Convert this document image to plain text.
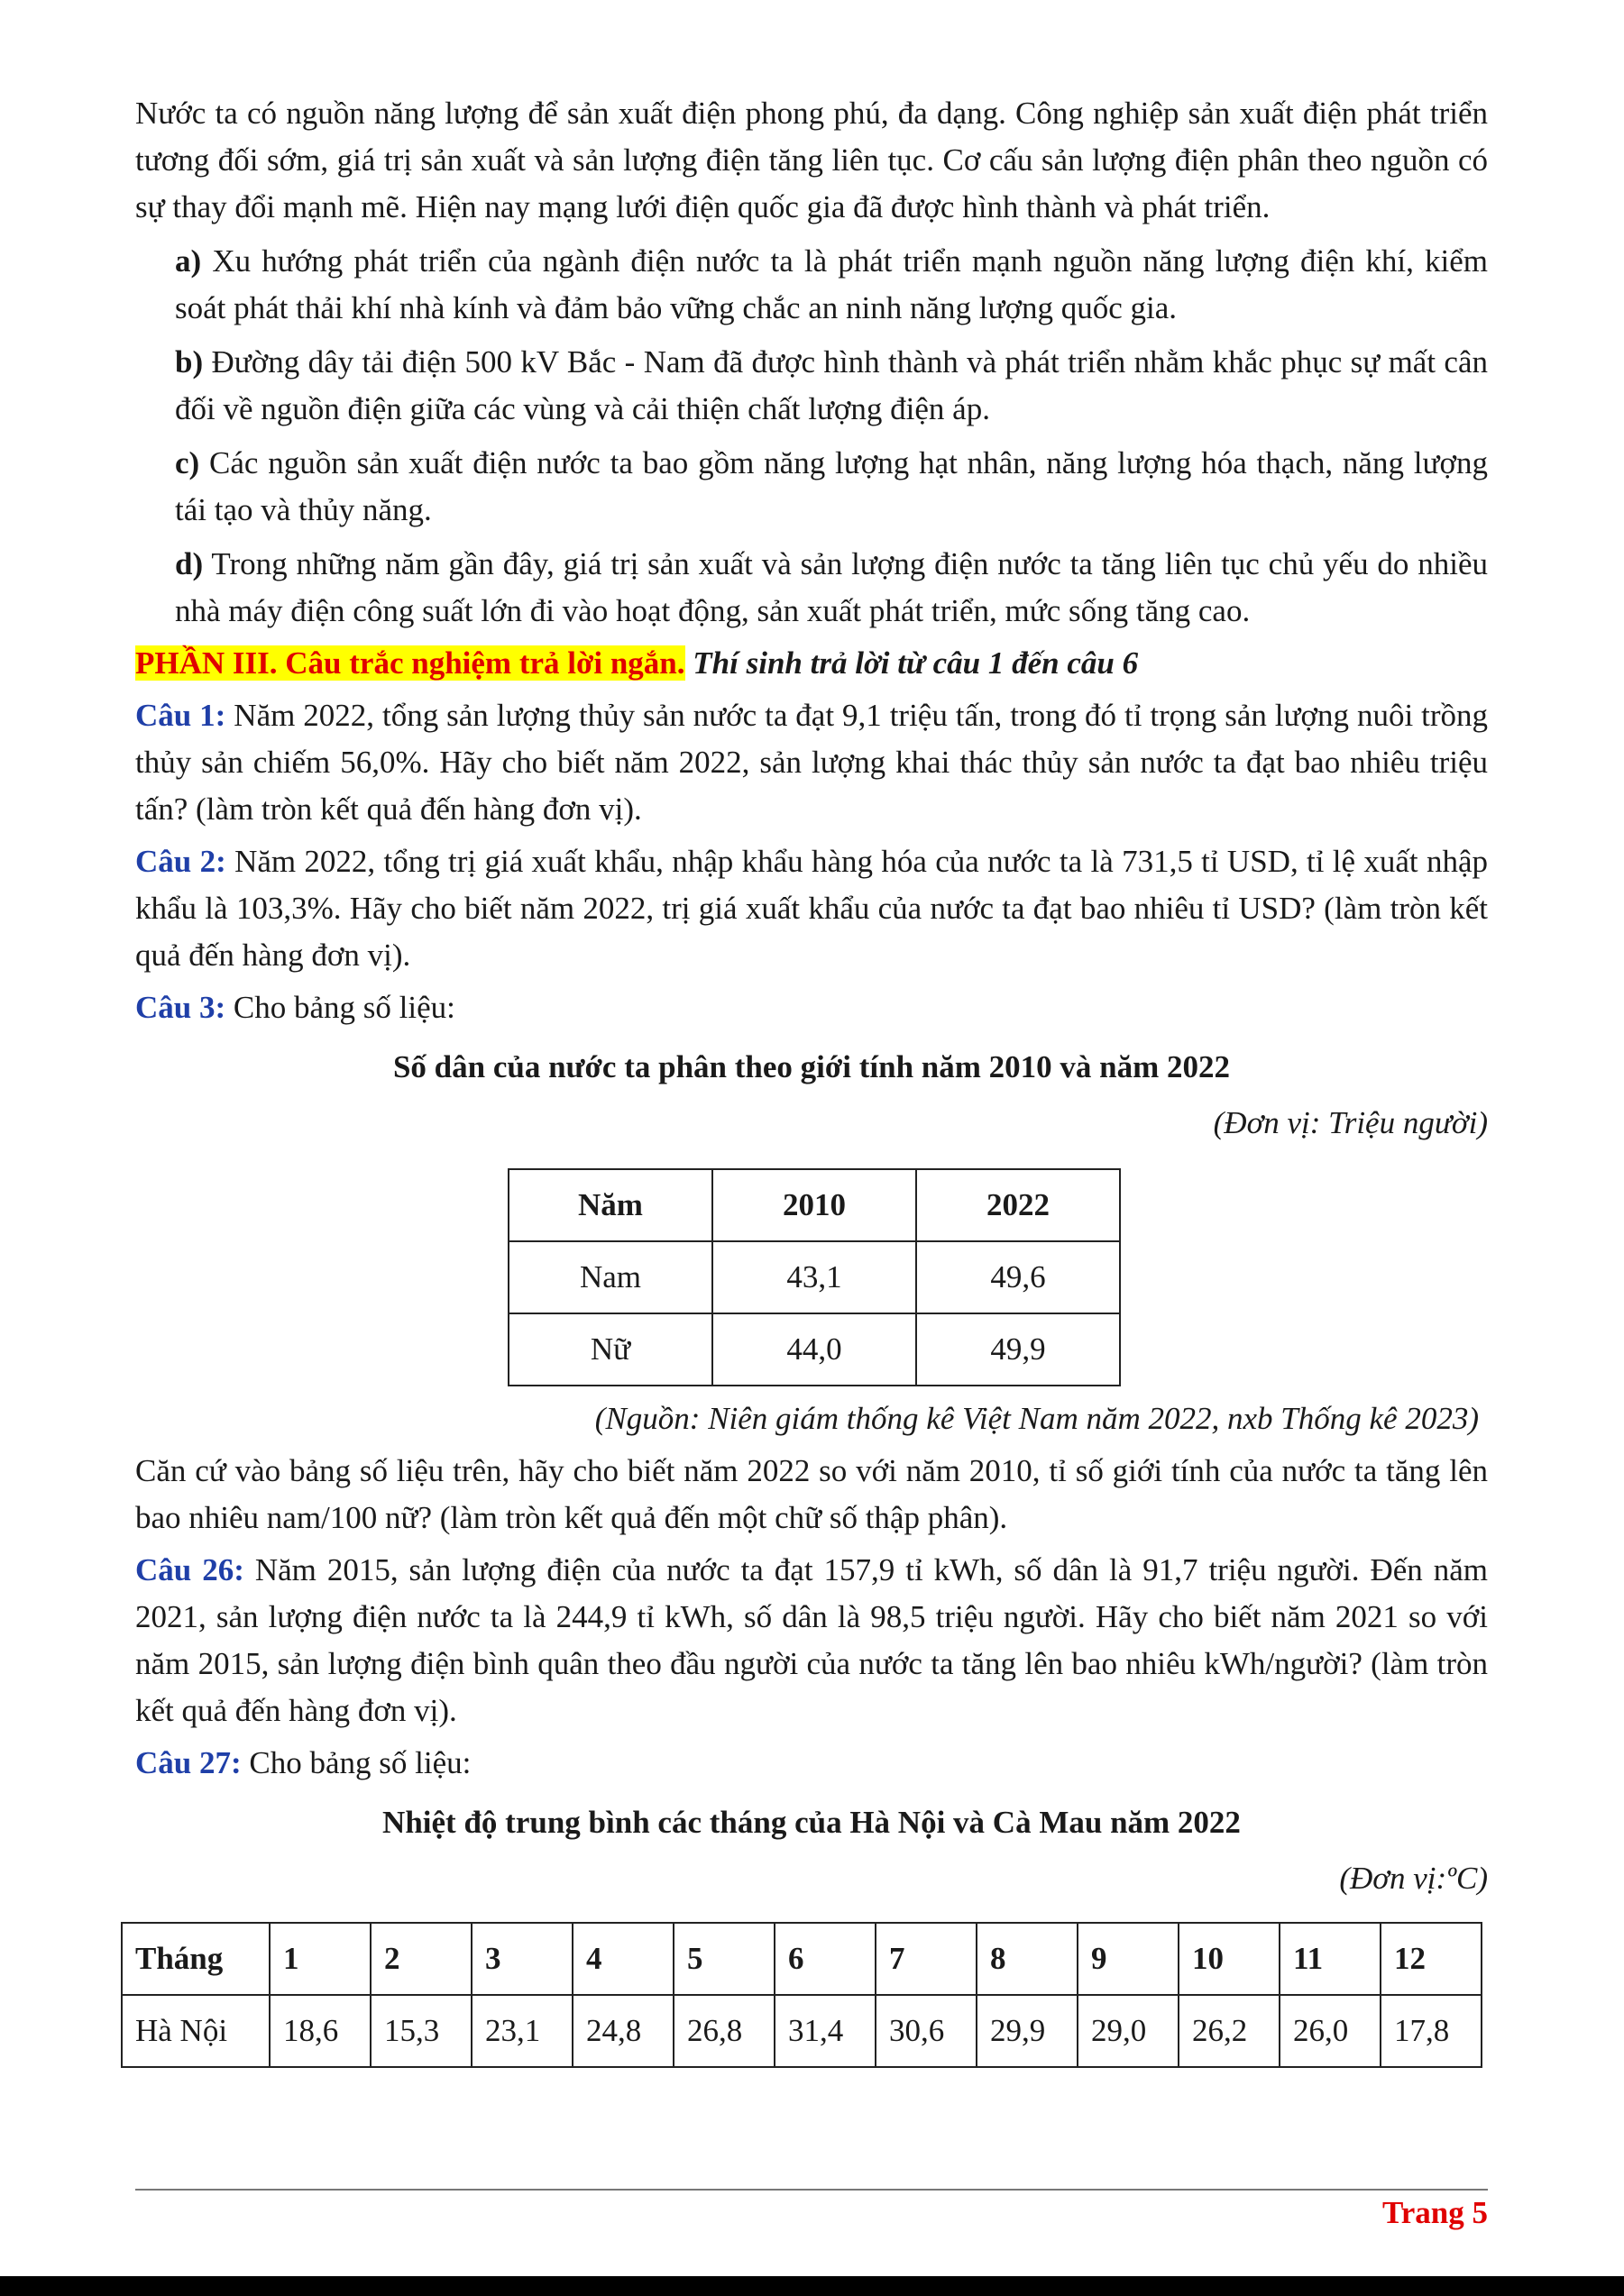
Nước ta có nguồn năng lượng để sản xuất điện phong phú, đa dạng. Công nghiệp sản xuất điện phát triển tương đối sớm, giá trị sản xuất và sản lượng điện tăng liên tục. Cơ cấu sản lượng điện phân theo nguồn có sự thay đổi mạnh mẽ. Hiện nay mạng lưới điện quốc gia đã được hình thành và phát triển.

a) Xu hướng phát triển của ngành điện nước ta là phát triển mạnh nguồn năng lượng điện khí, kiểm soát phát thải khí nhà kính và đảm bảo vững chắc an ninh năng lượng quốc gia.

b) Đường dây tải điện 500 kV Bắc - Nam đã được hình thành và phát triển nhằm khắc phục sự mất cân đối về nguồn điện giữa các vùng và cải thiện chất lượng điện áp.

c) Các nguồn sản xuất điện nước ta bao gồm năng lượng hạt nhân, năng lượng hóa thạch, năng lượng tái tạo và thủy năng.

d) Trong những năm gần đây, giá trị sản xuất và sản lượng điện nước ta tăng liên tục chủ yếu do nhiều nhà máy điện công suất lớn đi vào hoạt động, sản xuất phát triển, mức sống tăng cao.

PHẦN III. Câu trắc nghiệm trả lời ngắn. Thí sinh trả lời từ câu 1 đến câu 6

Câu 1: Năm 2022, tổng sản lượng thủy sản nước ta đạt 9,1 triệu tấn, trong đó tỉ trọng sản lượng nuôi trồng thủy sản chiếm 56,0%. Hãy cho biết năm 2022, sản lượng khai thác thủy sản nước ta đạt bao nhiêu triệu tấn? (làm tròn kết quả đến hàng đơn vị).

Câu 2: Năm 2022, tổng trị giá xuất khẩu, nhập khẩu hàng hóa của nước ta là 731,5 tỉ USD, tỉ lệ xuất nhập khẩu là 103,3%. Hãy cho biết năm 2022, trị giá xuất khẩu của nước ta đạt bao nhiêu tỉ USD? (làm tròn kết quả đến hàng đơn vị).

Câu 3: Cho bảng số liệu:

Số dân của nước ta phân theo giới tính năm 2010 và năm 2022

(Đơn vị: Triệu người)

Năm	2010	2022
Nam	43,1	49,6
Nữ	44,0	49,9

(Nguồn: Niên giám thống kê Việt Nam năm 2022, nxb Thống kê 2023)

Căn cứ vào bảng số liệu trên, hãy cho biết năm 2022 so với năm 2010, tỉ số giới tính của nước ta tăng lên bao nhiêu nam/100 nữ? (làm tròn kết quả đến một chữ số thập phân).

Câu 26: Năm 2015, sản lượng điện của nước ta đạt 157,9 tỉ kWh, số dân là 91,7 triệu người. Đến năm 2021, sản lượng điện nước ta là 244,9 tỉ kWh, số dân là 98,5 triệu người. Hãy cho biết năm 2021 so với năm 2015, sản lượng điện bình quân theo đầu người của nước ta tăng lên bao nhiêu kWh/người? (làm tròn kết quả đến hàng đơn vị).

Câu 27: Cho bảng số liệu:

Nhiệt độ trung bình các tháng của Hà Nội và Cà Mau năm 2022

(Đơn vị:ºC)

Tháng	1	2	3	4	5	6	7	8	9	10	11	12
Hà Nội	18,6	15,3	23,1	24,8	26,8	31,4	30,6	29,9	29,0	26,2	26,0	17,8
Trang 5
